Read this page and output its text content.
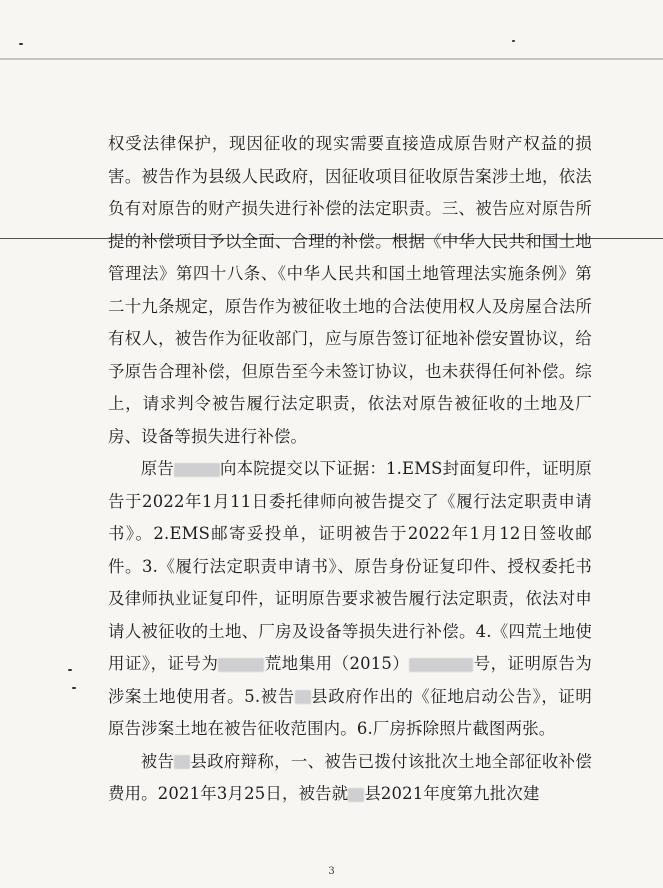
权受法律保护，现因征收的现实需要直接造成原告财产权益的损害。被告作为县级人民政府，因征收项目征收原告案涉土地，依法负有对原告的财产损失进行补偿的法定职责。三、被告应对原告所提的补偿项目予以全面、合理的补偿。根据《中华人民共和国土地管理法》第四十八条、《中华人民共和国土地管理法实施条例》第二十九条规定，原告作为被征收土地的合法使用权人及房屋合法所有权人，被告作为征收部门，应与原告签订征地补偿安置协议，给予原告合理补偿，但原告至今未签订协议，也未获得任何补偿。综上，请求判令被告履行法定职责，依法对原告被征收的土地及厂房、设备等损失进行补偿。

原告	向本院提交以下证据：1.EMS封面复印件，证明原告于2022年1月11日委托律师向被告提交了《履行法定职责申请书》。2.EMS邮寄妥投单，证明被告于2022年1月12日签收邮件。3.《履行法定职责申请书》、原告身份证复印件、授权委托书及律师执业证复印件，证明原告要求被告履行法定职责，依法对申请人被征收的土地、厂房及设备等损失进行补偿。4.《四荒土地使用证》，证号为	荒地集用（2015）	号，证明原告为涉案土地使用者。5.被告 县政府作出的《征地启动公告》，证明原告涉案土地在被告征收范围内。6.厂房拆除照片截图两张。

被告 县政府辩称，一、被告已拨付该批次土地全部征收补偿费用。2021年3月25日，被告就 县2021年度第九批次建

3
